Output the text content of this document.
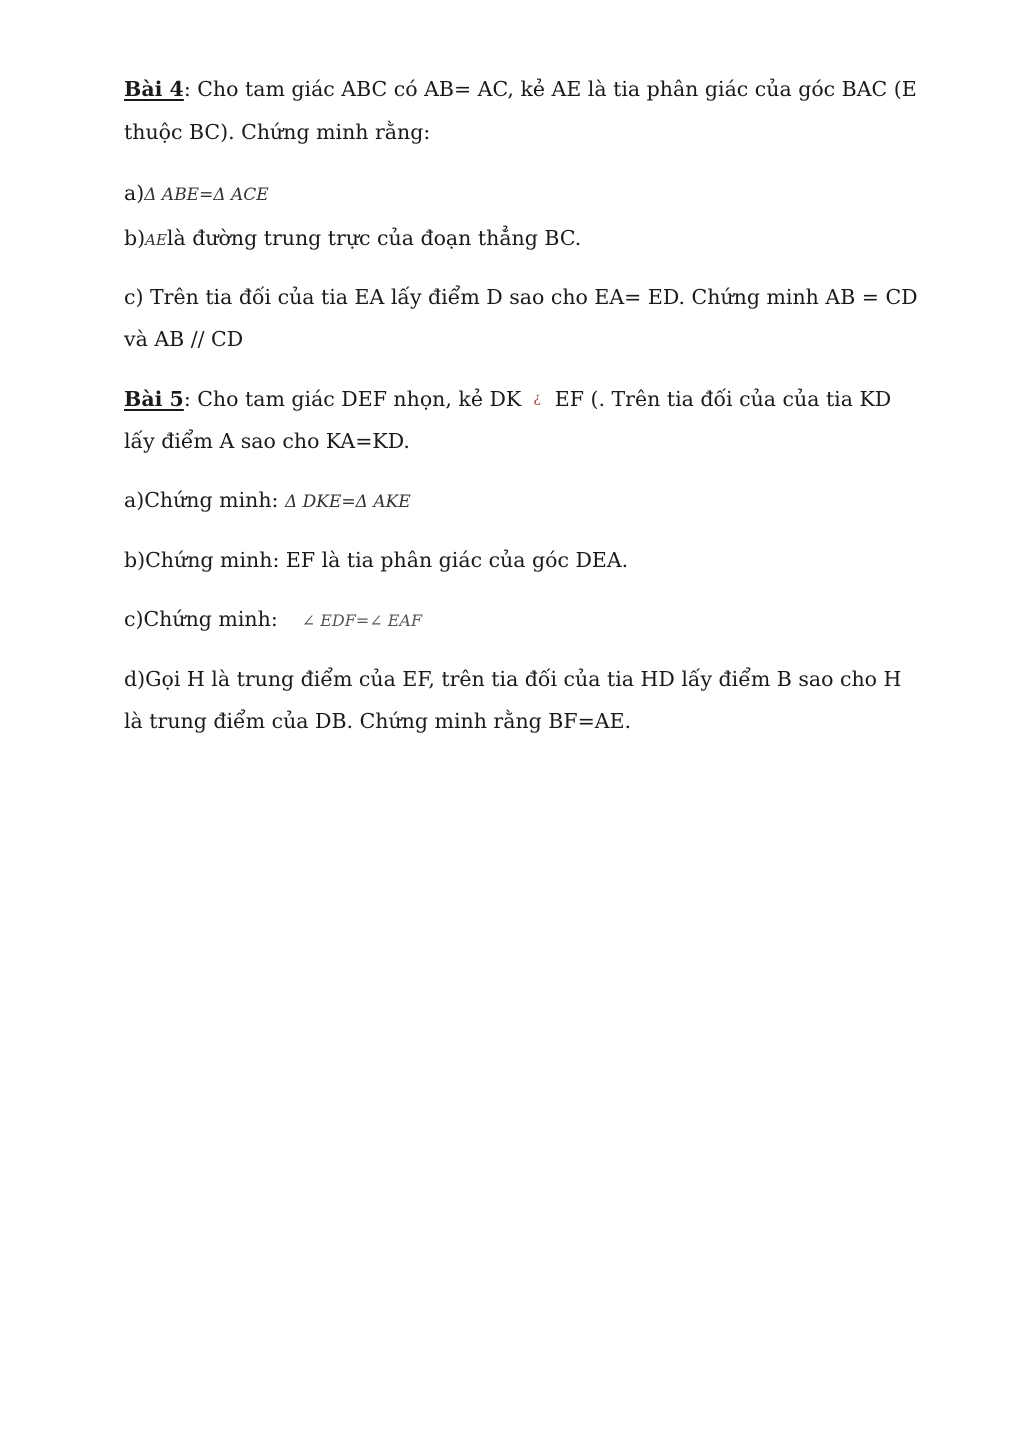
Bài 4: Cho tam giác ABC có AB= AC, kẻ AE là tia phân giác của góc BAC (E
thuộc BC). Chứng minh rằng:
a)Δ ABE=Δ ACE
b)AElà đường trung trực của đoạn thẳng BC.
c) Trên tia đối của tia EA lấy điểm D sao cho EA= ED. Chứng minh AB = CD
và AB // CD
Bài 5: Cho tam giác DEF nhọn, kẻ DK ¿ EF (. Trên tia đối của của tia KD
lấy điểm A sao cho KA=KD.
a)Chứng minh: Δ DKE=Δ AKE
b)Chứng minh: EF là tia phân giác của góc DEA.
c)Chứng minh: ∠ EDF=∠ EAF
d)Gọi H là trung điểm của EF, trên tia đối của tia HD lấy điểm B sao cho H
là trung điểm của DB. Chứng minh rằng BF=AE.
